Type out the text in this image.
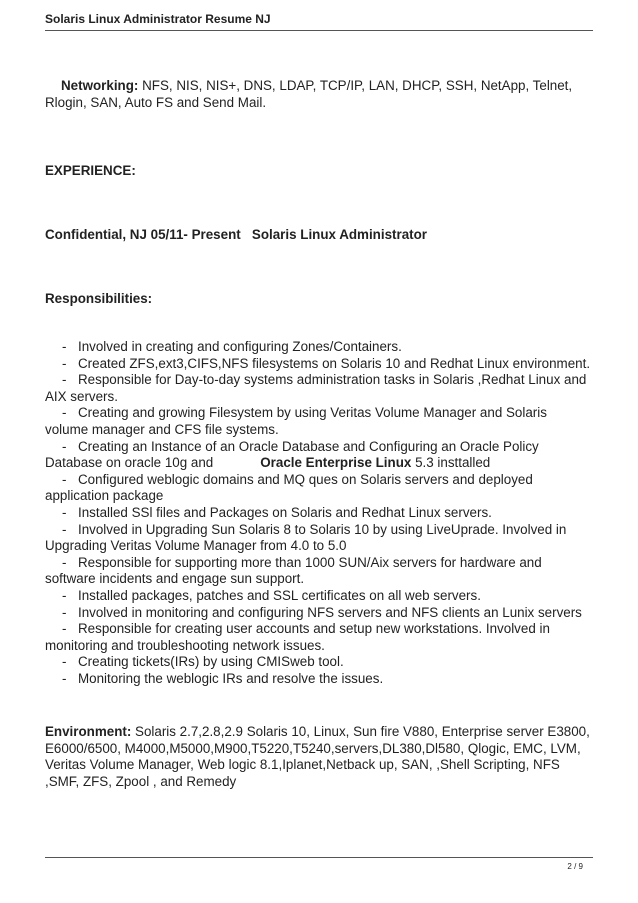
Solaris Linux Administrator Resume NJ
Networking: NFS, NIS, NIS+, DNS, LDAP, TCP/IP, LAN, DHCP, SSH, NetApp, Telnet, Rlogin, SAN, Auto FS and Send Mail.
EXPERIENCE:
Confidential, NJ 05/11- Present Solaris Linux Administrator
Responsibilities:
- Involved in creating and configuring Zones/Containers.
- Created ZFS,ext3,CIFS,NFS filesystems on Solaris 10 and Redhat Linux environment.
- Responsible for Day-to-day systems administration tasks in Solaris ,Redhat Linux and AIX servers.
- Creating and growing Filesystem by using Veritas Volume Manager and Solaris volume manager and CFS file systems.
- Creating an Instance of an Oracle Database and Configuring an Oracle Policy Database on oracle 10g and	Oracle Enterprise Linux 5.3 insttalled
- Configured weblogic domains and MQ ques on Solaris servers and deployed application package
- Installed SSl files and Packages on Solaris and Redhat Linux servers.
- Involved in Upgrading Sun Solaris 8 to Solaris 10 by using LiveUprade. Involved in Upgrading Veritas Volume Manager from 4.0 to 5.0
- Responsible for supporting more than 1000 SUN/Aix servers for hardware and software incidents and engage sun support.
- Installed packages, patches and SSL certificates on all web servers.
- Involved in monitoring and configuring NFS servers and NFS clients an Lunix servers
- Responsible for creating user accounts and setup new workstations. Involved in monitoring and troubleshooting network issues.
- Creating tickets(IRs) by using CMISweb tool.
- Monitoring the weblogic IRs and resolve the issues.
Environment: Solaris 2.7,2.8,2.9 Solaris 10, Linux, Sun fire V880, Enterprise server E3800, E6000/6500, M4000,M5000,M900,T5220,T5240,servers,DL380,Dl580, Qlogic, EMC, LVM, Veritas Volume Manager, Web logic 8.1,Iplanet,Netback up, SAN, ,Shell Scripting, NFS ,SMF, ZFS, Zpool , and Remedy
2 / 9
